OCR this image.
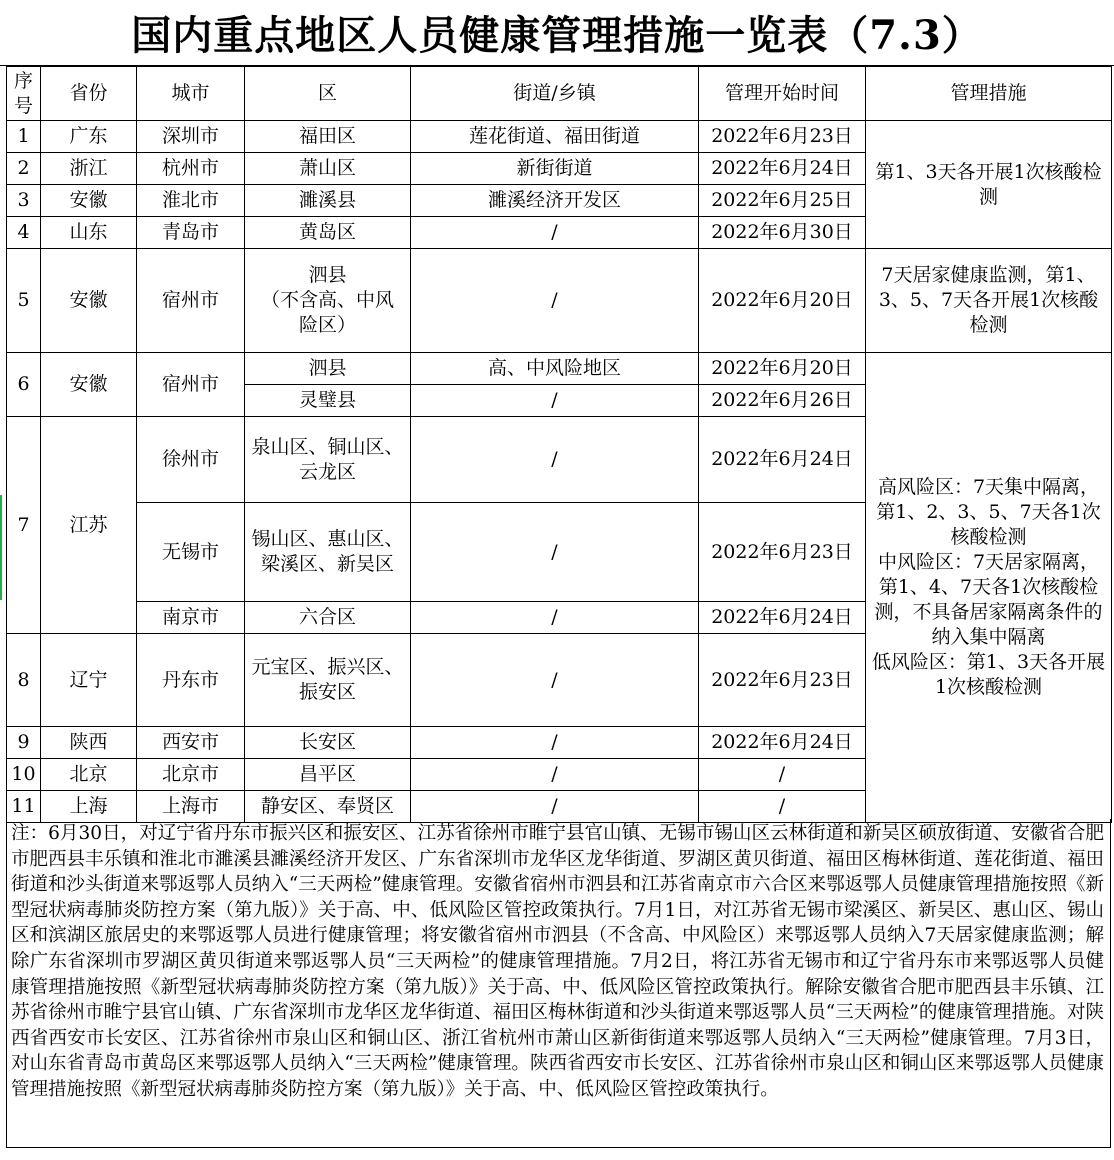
国内重点地区人员健康管理措施一览表（7.3）
序号	省份	城市	区	街道/乡镇	管理开始时间	管理措施
1	广东	深圳市	福田区	莲花街道、福田街道	2022年6月23日	第1、3天各开展1次核酸检测

2	浙江	杭州市	萧山区	新街街道	2022年6月24日	
3	安徽	淮北市	濉溪县	濉溪经济开发区	2022年6月25日	
4	山东	青岛市	黄岛区	/	2022年6月30日	
5	安徽	宿州市	泗县
（不含高、中风险区）	/	2022年6月20日	7天居家健康监测，第1、3、5、7天各开展1次核酸检测

6	安徽	宿州市	泗县	高、中风险地区	2022年6月20日	高风险区：7天集中隔离，第1、2、3、5、7天各1次核酸检测
中风险区：7天居家隔离，第1、4、7天各1次核酸检测，不具备居家隔离条件的纳入集中隔离
低风险区：第1、3天各开展1次核酸检测

			灵璧县	/	2022年6月26日	
7	江苏	徐州市	泉山区、铜山区、云龙区	/	2022年6月24日	
		无锡市	锡山区、惠山区、梁溪区、新吴区	/	2022年6月23日	
		南京市	六合区	/	2022年6月24日	
8	辽宁	丹东市	元宝区、振兴区、振安区	/	2022年6月23日	
9	陕西	西安市	长安区	/	2022年6月24日	
10	北京	北京市	昌平区	/	/	
11	上海	上海市	静安区、奉贤区	/	/	
注：6月30日，对辽宁省丹东市振兴区和振安区、江苏省徐州市睢宁县官山镇、无锡市锡山区云林街道和新吴区硕放街道、安徽省合肥市肥西县丰乐镇和淮北市濉溪县濉溪经济开发区、广东省深圳市龙华区龙华街道、罗湖区黄贝街道、福田区梅林街道、莲花街道、福田街道和沙头街道来鄂返鄂人员纳入“三天两检”健康管理。安徽省宿州市泗县和江苏省南京市六合区来鄂返鄂人员健康管理措施按照《新型冠状病毒肺炎防控方案（第九版）》关于高、中、低风险区管控政策执行。7月1日，对江苏省无锡市梁溪区、新吴区、惠山区、锡山区和滨湖区旅居史的来鄂返鄂人员进行健康管理；将安徽省宿州市泗县（不含高、中风险区）来鄂返鄂人员纳入7天居家健康监测；解除广东省深圳市罗湖区黄贝街道来鄂返鄂人员“三天两检”的健康管理措施。7月2日，将江苏省无锡市和辽宁省丹东市来鄂返鄂人员健康管理措施按照《新型冠状病毒肺炎防控方案（第九版）》关于高、中、低风险区管控政策执行。解除安徽省合肥市肥西县丰乐镇、江苏省徐州市睢宁县官山镇、广东省深圳市龙华区龙华街道、福田区梅林街道和沙头街道来鄂返鄂人员“三天两检”的健康管理措施。对陕西省西安市长安区、江苏省徐州市泉山区和铜山区、浙江省杭州市萧山区新街街道来鄂返鄂人员纳入“三天两检”健康管理。7月3日，对山东省青岛市黄岛区来鄂返鄂人员纳入“三天两检”健康管理。陕西省西安市长安区、江苏省徐州市泉山区和铜山区来鄂返鄂人员健康管理措施按照《新型冠状病毒肺炎防控方案（第九版）》关于高、中、低风险区管控政策执行。
